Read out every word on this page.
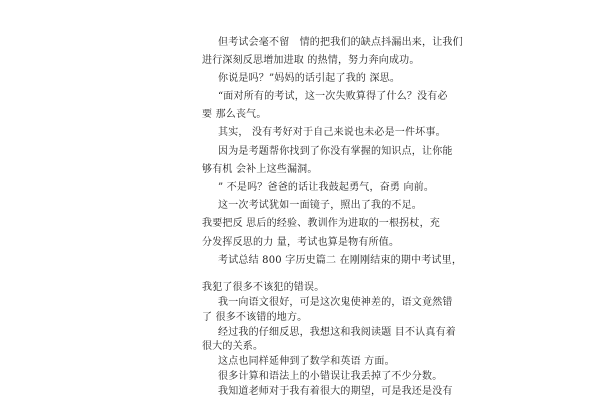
但考试会毫不留　情的把我们的缺点抖漏出来，让我们
进行深刻反思增加进取 的热情，努力奔向成功。
你说是吗？”妈妈的话引起了我的 深思。
“面对所有的考试，这一次失败算得了什么？没有必
要 那么丧气。
其实， 没有考好对于自己来说也未必是一件坏事。
因为是考题帮你找到了你没有掌握的知识点，让你能
够有机 会补上这些漏洞。
” 不是吗？爸爸的话让我鼓起勇气，奋勇 向前。
这一次考试犹如一面镜子，照出了我的不足。
我要把反 思后的经验、教训作为进取的一根拐杖，充
分发挥反思的力 量，考试也算是物有所值。
考试总结 800 字历史篇二 在刚刚结束的期中考试里，
我犯了很多不该犯的错误。
我一向语文很好，可是这次鬼使神差的，语文竟然错
了 很多不该错的地方。
经过我的仔细反思，我想这和我阅读题 目不认真有着
很大的关系。
这点也同样延伸到了数学和英语 方面。
很多计算和语法上的小错误让我丢掉了不少分数。
我知道老师对于我有着很大的期望，可是我还是没有
